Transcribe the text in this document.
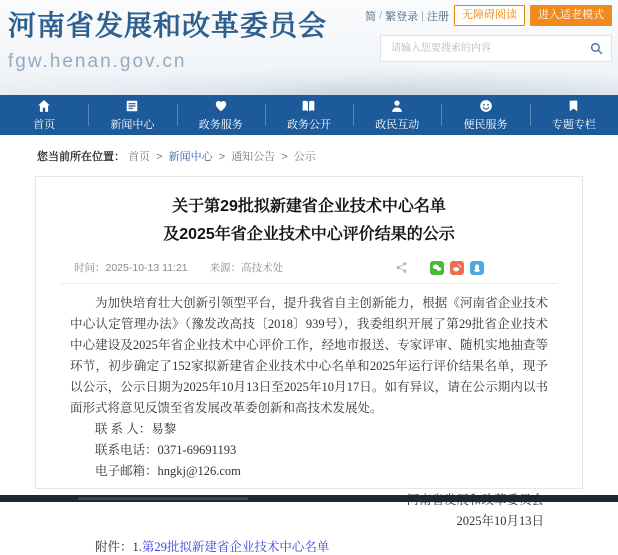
河南省发展和改革委员会
fgw.henan.gov.cn
简 / 繁 登录 | 注册	无障碍阅读	进入适老模式
请输入您要搜索的内容
首页	新闻中心	政务服务	政务公开	政民互动	便民服务	专题专栏
您当前所在位置： 首页 > 新闻中心 > 通知公告 > 公示
关于第29批拟新建省企业技术中心名单
及2025年省企业技术中心评价结果的公示
时间：2025-10-13 11:21 来源：高技术处

为加快培育壮大创新引领型平台，提升我省自主创新能力，根据《河南省企业技术中心认定管理办法》（豫发改高技〔2018〕939号），我委组织开展了第29批省企业技术中心建设及2025年省企业技术中心评价工作，经地市报送、专家评审、随机实地抽查等环节，初步确定了152家拟新建省企业技术中心名单和2025年运行评价结果名单，现予以公示，公示日期为2025年10月13日至2025年10月17日。如有异议，请在公示期内以书面形式将意见反馈至省发展改革委创新和高技术发展处。

联 系 人：易黎

联系电话：0371-69691193

电子邮箱：hngkj@126.com

2025年10月13日
附件：1.第29批拟新建省企业技术中心名单
